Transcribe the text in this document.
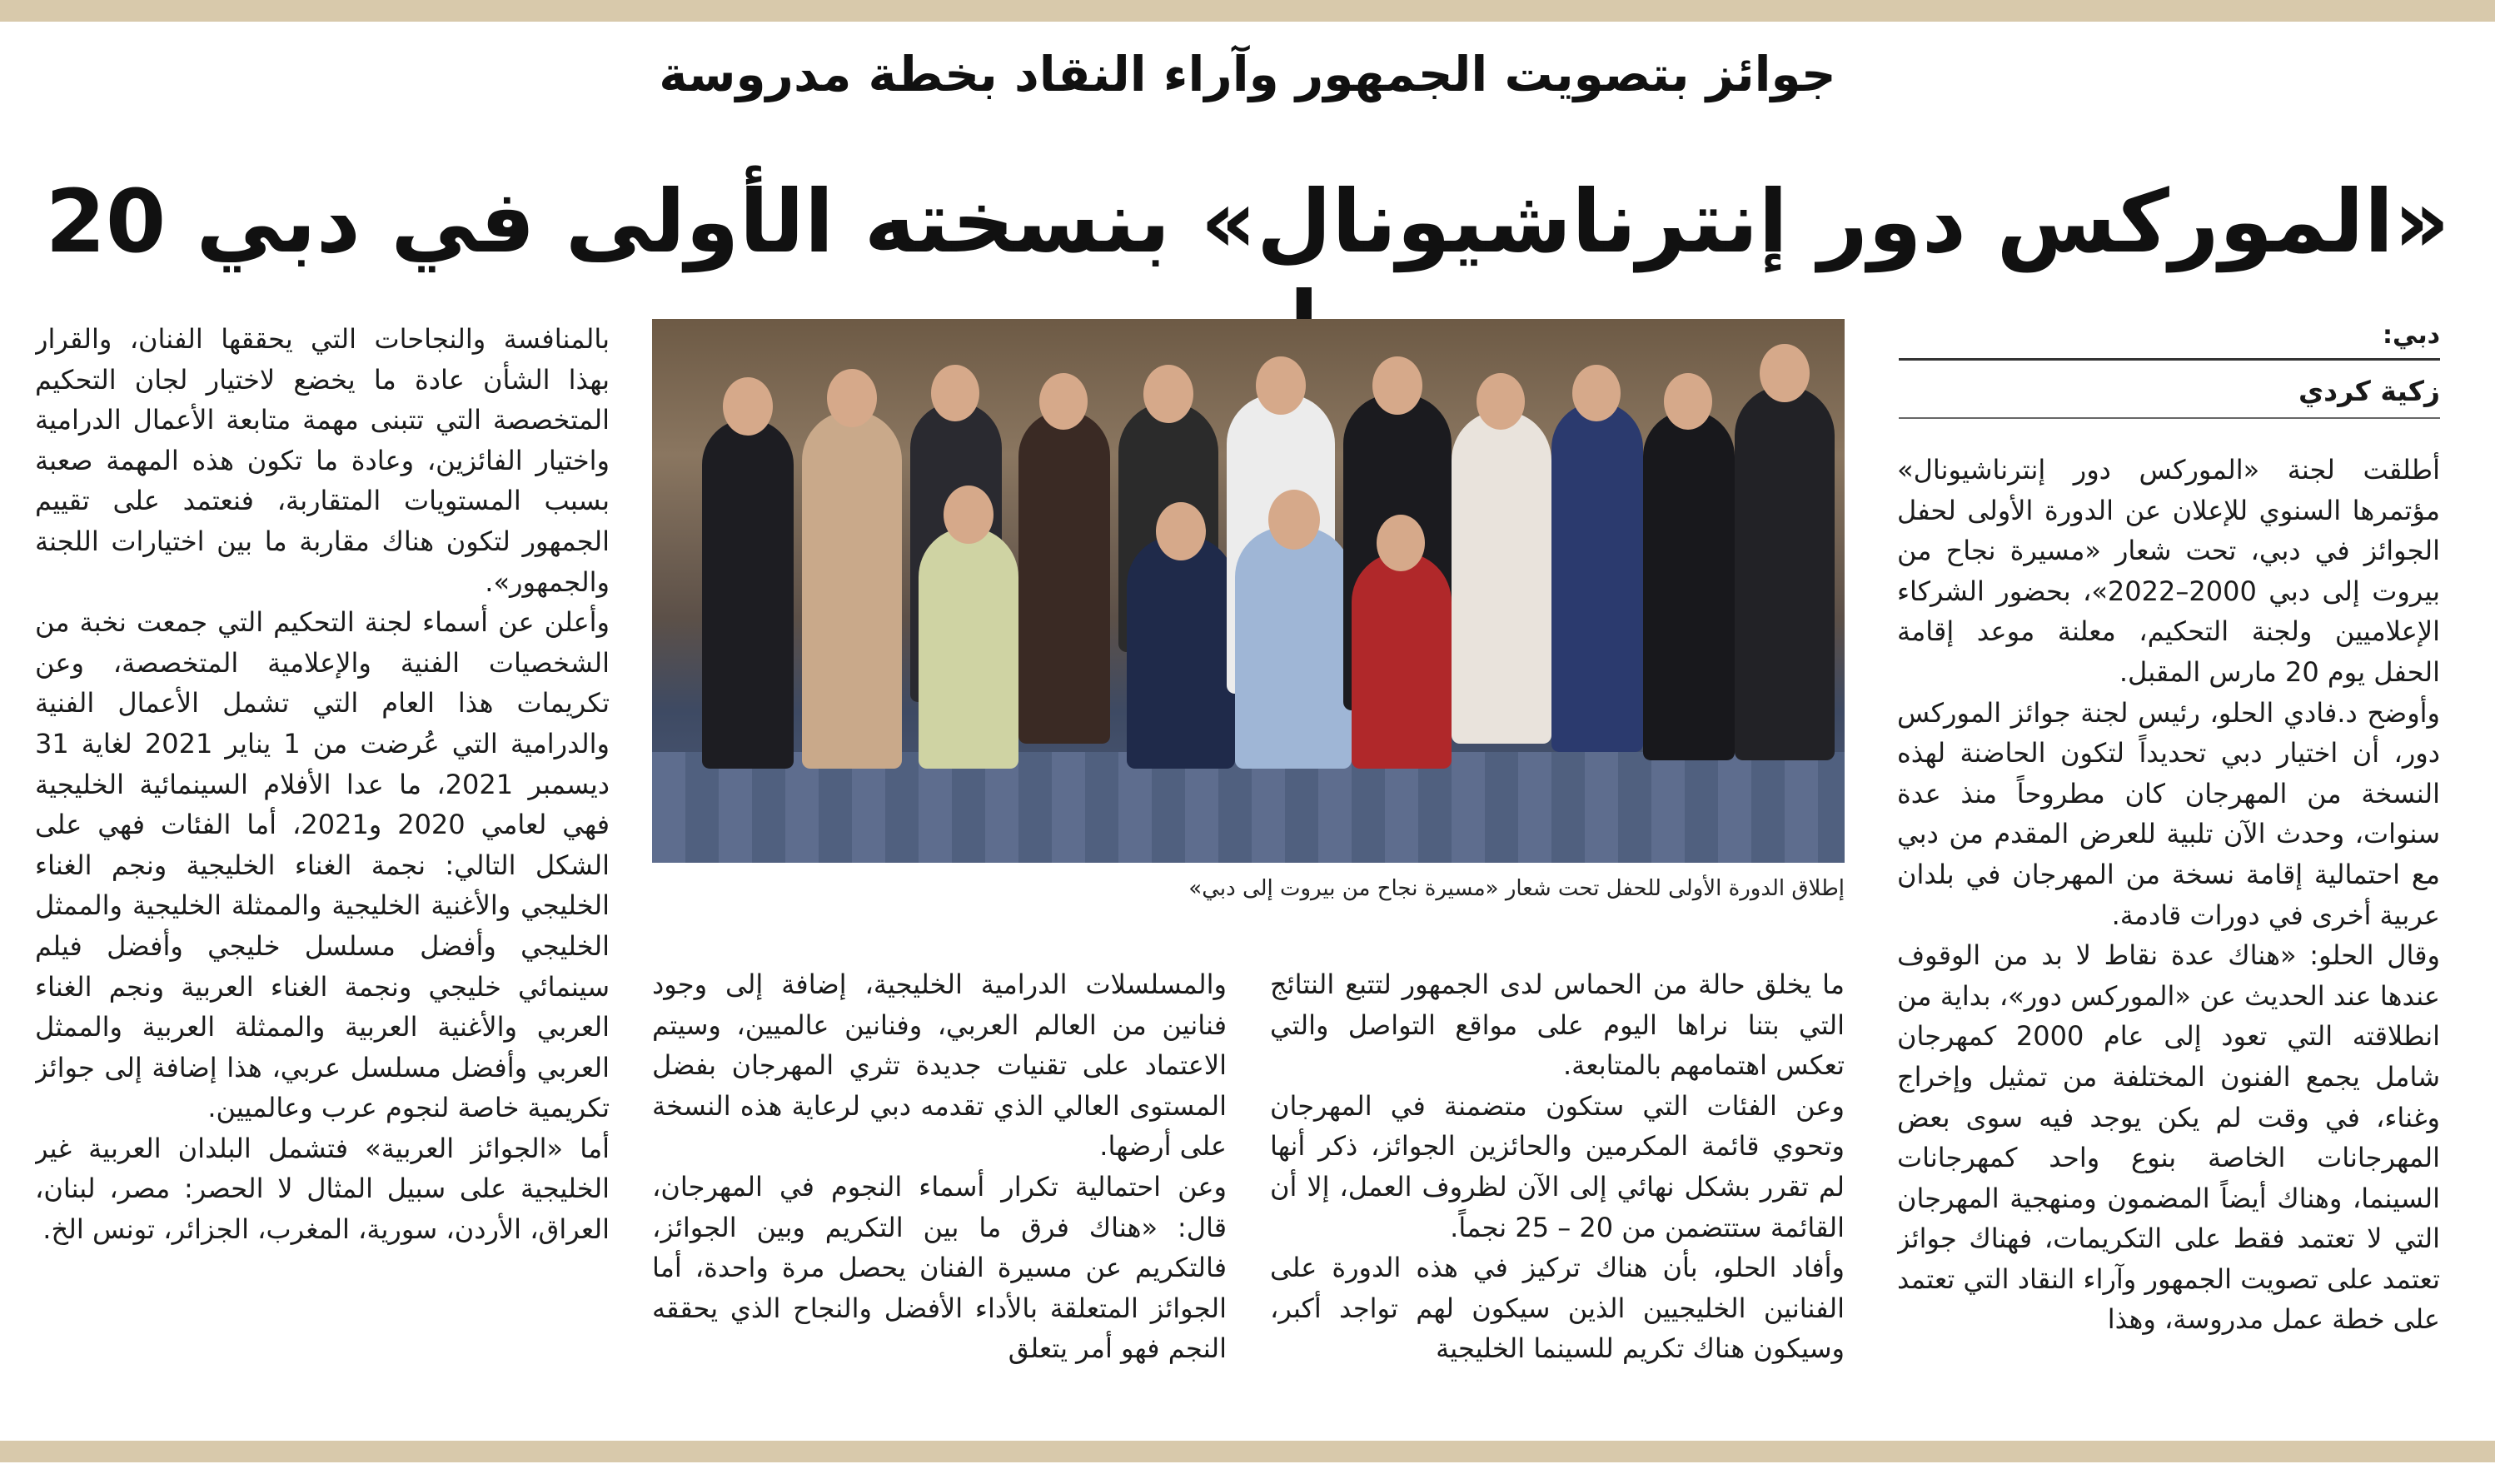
جوائز بتصويت الجمهور وآراء النقاد بخطة مدروسة
«الموركس دور إنترناشيونال» بنسخته الأولى في دبي 20
دبي:
زكية كردي

أطلقت لجنة «الموركس دور إنترناشيونال» مؤتمرها السنوي للإعلان عن الدورة الأولى لحفل الجوائز في دبي، تحت شعار «مسيرة نجاح من بيروت إلى دبي 2000–2022»، بحضور الشركاء الإعلاميين ولجنة التحكيم، معلنة موعد إقامة الحفل يوم 20 مارس المقبل.

وأوضح د.فادي الحلو، رئيس لجنة جوائز الموركس دور، أن اختيار دبي تحديداً لتكون الحاضنة لهذه النسخة من المهرجان كان مطروحاً منذ عدة سنوات، وحدث الآن تلبية للعرض المقدم من دبي مع احتمالية إقامة نسخة من المهرجان في بلدان عربية أخرى في دورات قادمة.

وقال الحلو: «هناك عدة نقاط لا بد من الوقوف عندها عند الحديث عن «الموركس دور»، بداية من انطلاقته التي تعود إلى عام 2000 كمهرجان شامل يجمع الفنون المختلفة من تمثيل وإخراج وغناء، في وقت لم يكن يوجد فيه سوى بعض المهرجانات الخاصة بنوع واحد كمهرجانات السينما، وهناك أيضاً المضمون ومنهجية المهرجان التي لا تعتمد فقط على التكريمات، فهناك جوائز تعتمد على تصويت الجمهور وآراء النقاد التي تعتمد على خطة عمل مدروسة، وهذا

إطلاق الدورة الأولى للحفل تحت شعار «مسيرة نجاح من بيروت إلى دبي»

ما يخلق حالة من الحماس لدى الجمهور لتتبع النتائج التي بتنا نراها اليوم على مواقع التواصل والتي تعكس اهتمامهم بالمتابعة.

وعن الفئات التي ستكون متضمنة في المهرجان وتحوي قائمة المكرمين والحائزين الجوائز، ذكر أنها لم تقرر بشكل نهائي إلى الآن لظروف العمل، إلا أن القائمة ستتضمن من 20 – 25 نجماً.

وأفاد الحلو، بأن هناك تركيز في هذه الدورة على الفنانين الخليجيين الذين سيكون لهم تواجد أكبر، وسيكون هناك تكريم للسينما الخليجية

والمسلسلات الدرامية الخليجية، إضافة إلى وجود فنانين من العالم العربي، وفنانين عالميين، وسيتم الاعتماد على تقنيات جديدة تثري المهرجان بفضل المستوى العالي الذي تقدمه دبي لرعاية هذه النسخة على أرضها.

وعن احتمالية تكرار أسماء النجوم في المهرجان، قال: «هناك فرق ما بين التكريم وبين الجوائز، فالتكريم عن مسيرة الفنان يحصل مرة واحدة، أما الجوائز المتعلقة بالأداء الأفضل والنجاح الذي يحققه النجم فهو أمر يتعلق

بالمنافسة والنجاحات التي يحققها الفنان، والقرار بهذا الشأن عادة ما يخضع لاختيار لجان التحكيم المتخصصة التي تتبنى مهمة متابعة الأعمال الدرامية واختيار الفائزين، وعادة ما تكون هذه المهمة صعبة بسبب المستويات المتقاربة، فنعتمد على تقييم الجمهور لتكون هناك مقاربة ما بين اختيارات اللجنة والجمهور».

وأعلن عن أسماء لجنة التحكيم التي جمعت نخبة من الشخصيات الفنية والإعلامية المتخصصة، وعن تكريمات هذا العام التي تشمل الأعمال الفنية والدرامية التي عُرضت من 1 يناير 2021 لغاية 31 ديسمبر 2021، ما عدا الأفلام السينمائية الخليجية فهي لعامي 2020 و2021، أما الفئات فهي على الشكل التالي: نجمة الغناء الخليجية ونجم الغناء الخليجي والأغنية الخليجية والممثلة الخليجية والممثل الخليجي وأفضل مسلسل خليجي وأفضل فيلم سينمائي خليجي ونجمة الغناء العربية ونجم الغناء العربي والأغنية العربية والممثلة العربية والممثل العربي وأفضل مسلسل عربي، هذا إضافة إلى جوائز تكريمية خاصة لنجوم عرب وعالميين.

أما «الجوائز العربية» فتشمل البلدان العربية غير الخليجية على سبيل المثال لا الحصر: مصر، لبنان، العراق، الأردن، سورية، المغرب، الجزائر، تونس الخ.
